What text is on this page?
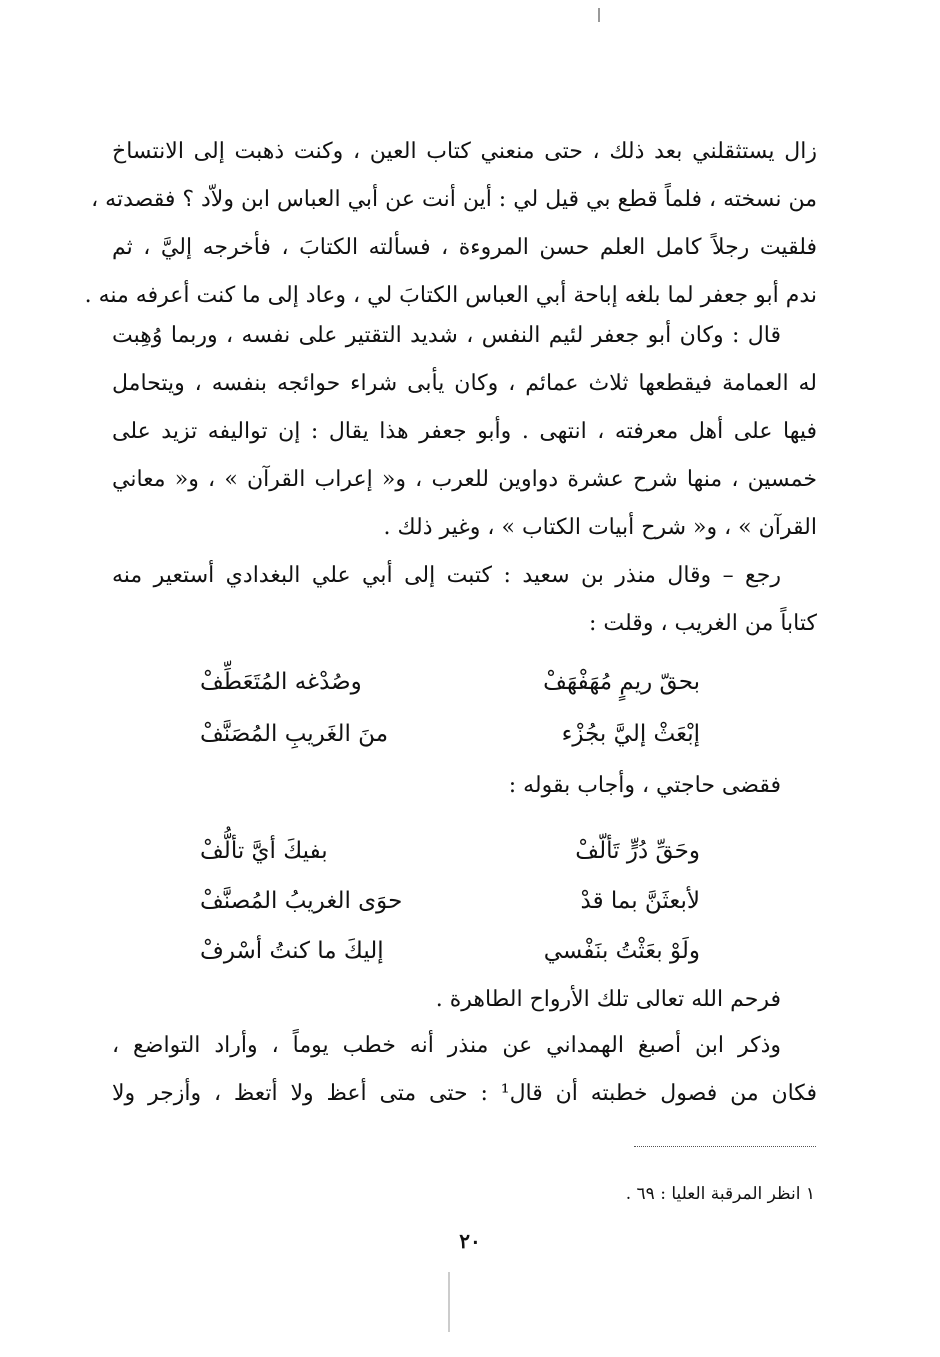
زال يستثقلني بعد ذلك ، حتى منعني كتاب العين ، وكنت ذهبت إلى الانتساخ
من نسخته ، فلماً قطع بي قيل لي : أين أنت عن أبي العباس ابن ولاّد ؟ فقصدته ،
فلقيت رجلاً كامل العلم حسن المروءة ، فسألته الكتابَ ، فأخرجه إليَّ ، ثم
ندم أبو جعفر لما بلغه إباحة أبي العباس الكتابَ لي ، وعاد إلى ما كنت أعرفه منه .
قال : وكان أبو جعفر لئيم النفس ، شديد التقتير على نفسه ، وربما وُهِبت
له العمامة فيقطعها ثلاث عمائم ، وكان يأبى شراء حوائجه بنفسه ، ويتحامل
فيها على أهل معرفته ، انتهى . وأبو جعفر هذا يقال : إن تواليفه تزيد على
خمسين ، منها شرح عشرة دواوين للعرب ، و« إعراب القرآن » ، و« معاني
القرآن » ، و« شرح أبيات الكتاب » ، وغير ذلك .
رجع – وقال منذر بن سعيد : كتبت إلى أبي علي البغدادي أستعير منه
كتاباً من الغريب ، وقلت :
بحقّ ريمٍ مُهَفْهَفْ
وصُدْغه المُتَعَطِّفْ
إبْعَثْ إليَّ بجُزْء
منَ الغَريبِ المُصَنَّفْ
فقضى حاجتي ، وأجاب بقوله :
وحَقِّ دُرٍّ تَألّفْ
بفيكَ أيَّ تألُّفْ
لأبعثَنَّ بما قدْ
حوَى الغريبُ المُصنَّفْ
ولَوْ بعَثْتُ بنَفْسي
إليكَ ما كنتُ أسْرفْ
فرحم الله تعالى تلك الأرواح الطاهرة .
وذكر ابن أصبغ الهمداني عن منذر أنه خطب يوماً ، وأراد التواضع ،
فكان من فصول خطبته أن قال¹ : حتى متى أعظ ولا أتعظ ، وأزجر ولا
١ انظر المرقبة العليا : ٦٩ .
٢٠
